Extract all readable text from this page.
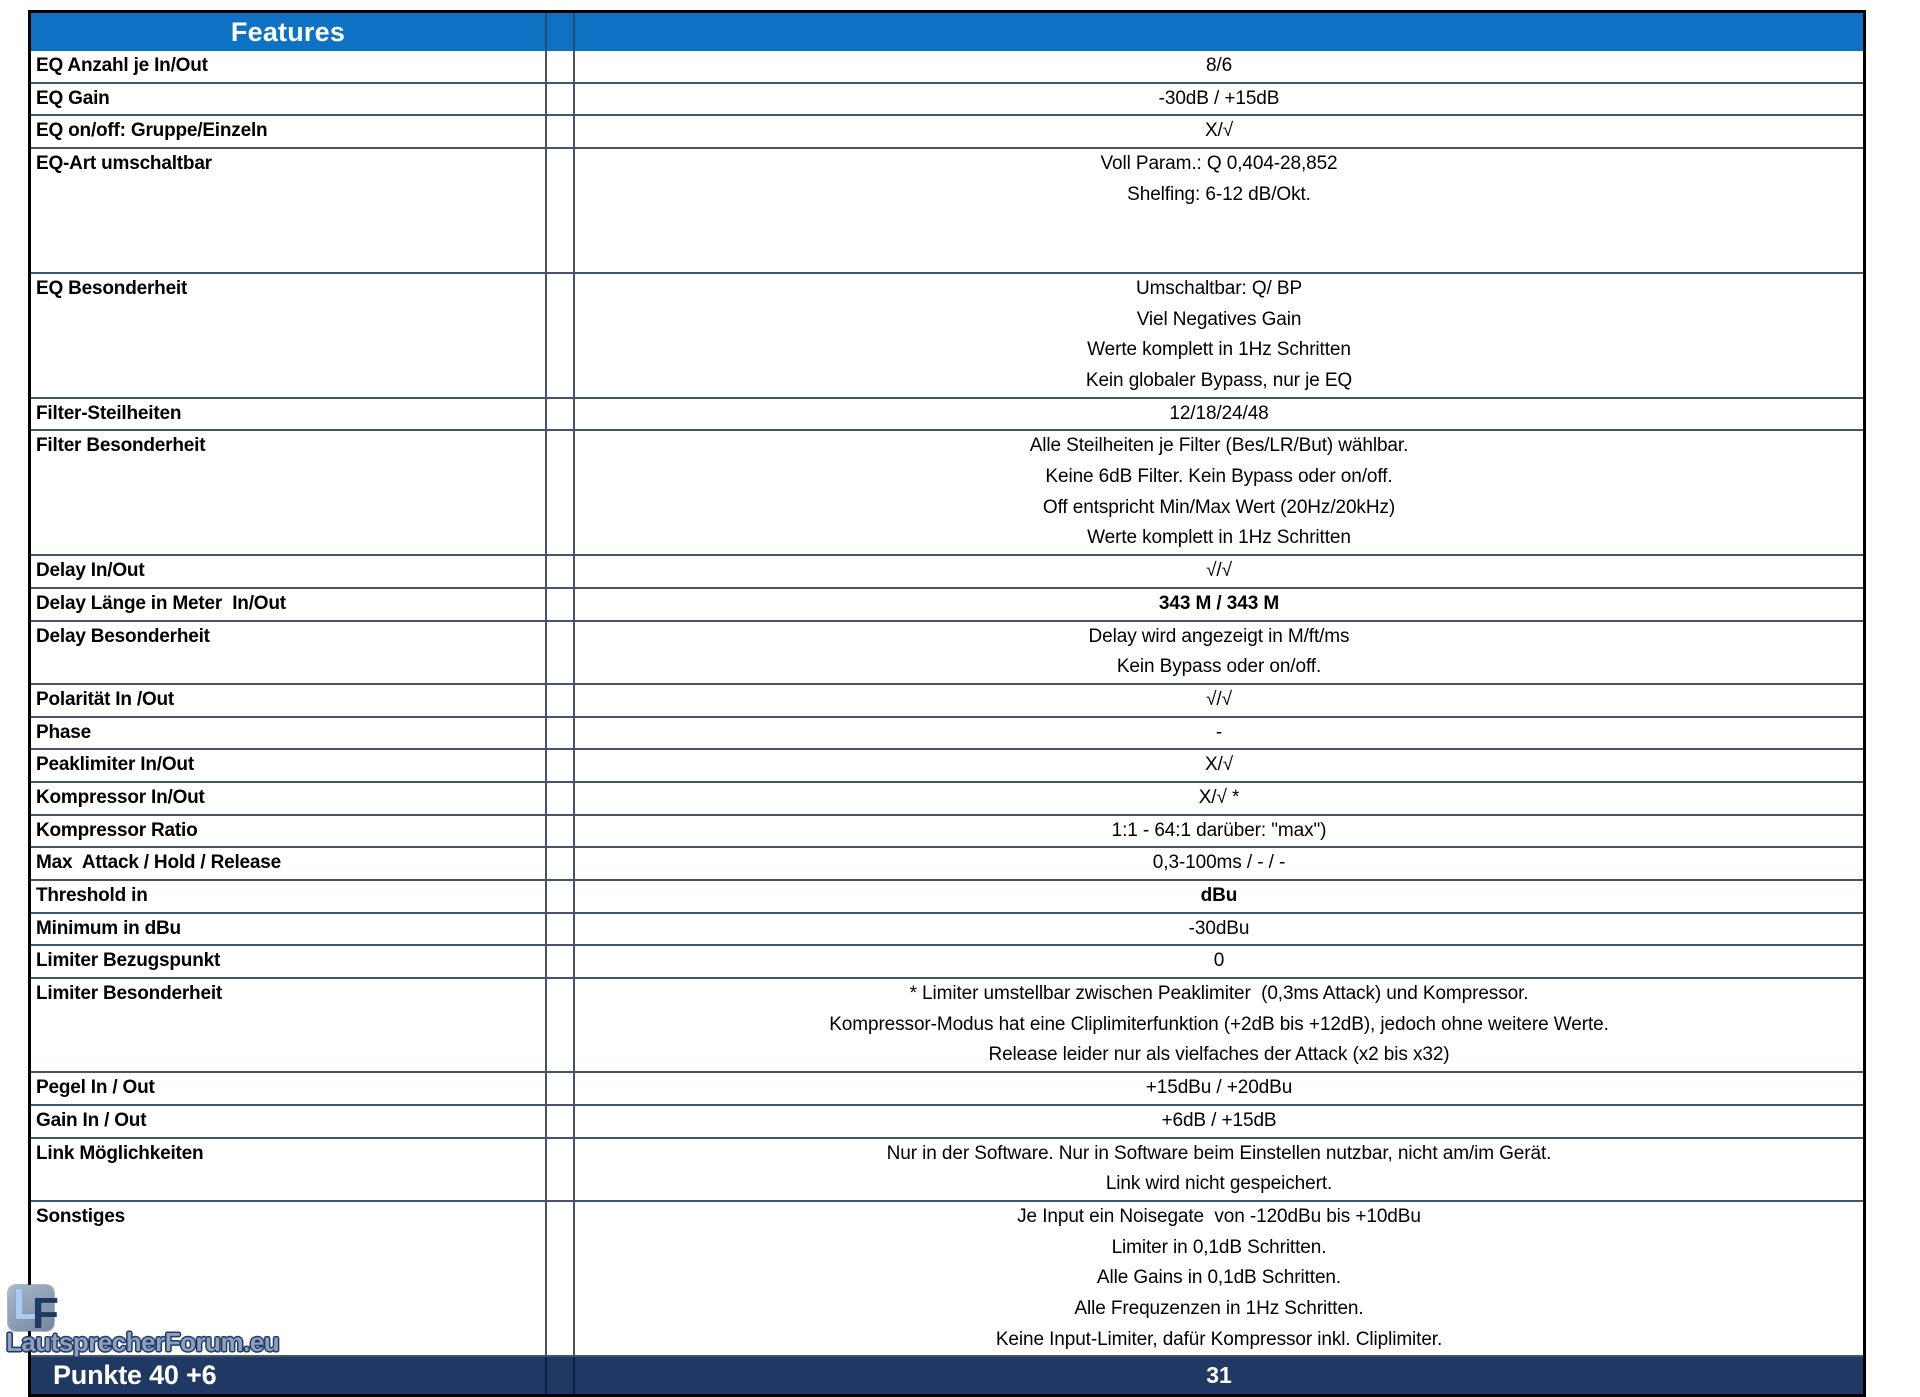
Features
EQ Anzahl je In/Out	8/6
EQ Gain	-30dB / +15dB
EQ on/off: Gruppe/Einzeln	X/√
EQ-Art umschaltbar	Voll Param.: Q 0,404-28,852
Shelfing: 6-12 dB/Okt.
EQ Besonderheit	Umschaltbar: Q/ BP
Viel Negatives Gain
Werte komplett in 1Hz Schritten
Kein globaler Bypass, nur je EQ
Filter-Steilheiten	12/18/24/48
Filter Besonderheit	Alle Steilheiten je Filter (Bes/LR/But) wählbar.
Keine 6dB Filter. Kein Bypass oder on/off.
Off entspricht Min/Max Wert (20Hz/20kHz)
Werte komplett in 1Hz Schritten
Delay In/Out	√/√
Delay Länge in Meter  In/Out	343 M / 343 M
Delay Besonderheit	Delay wird angezeigt in M/ft/ms
Kein Bypass oder on/off.
Polarität In /Out	√/√
Phase	-
Peaklimiter In/Out	X/√
Kompressor In/Out	X/√ *
Kompressor Ratio	1:1 - 64:1 darüber: "max")
Max  Attack / Hold / Release	0,3-100ms / - / -
Threshold in	dBu
Minimum in dBu	-30dBu
Limiter Bezugspunkt	0
Limiter Besonderheit	* Limiter umstellbar zwischen Peaklimiter  (0,3ms Attack) und Kompressor.
Kompressor-Modus hat eine Cliplimiterfunktion (+2dB bis +12dB), jedoch ohne weitere Werte.
Release leider nur als vielfaches der Attack (x2 bis x32)
Pegel In / Out	+15dBu / +20dBu
Gain In / Out	+6dB / +15dB
Link Möglichkeiten	Nur in der Software. Nur in Software beim Einstellen nutzbar, nicht am/im Gerät.
Link wird nicht gespeichert.
Sonstiges	Je Input ein Noisegate  von -120dBu bis +10dBu
Limiter in 0,1dB Schritten.
Alle Gains in 0,1dB Schritten.
Alle Frequzenzen in 1Hz Schritten.
Keine Input-Limiter, dafür Kompressor inkl. Cliplimiter.
Punkte 40 +6	31
L
F
LautsprecherForum.eu
